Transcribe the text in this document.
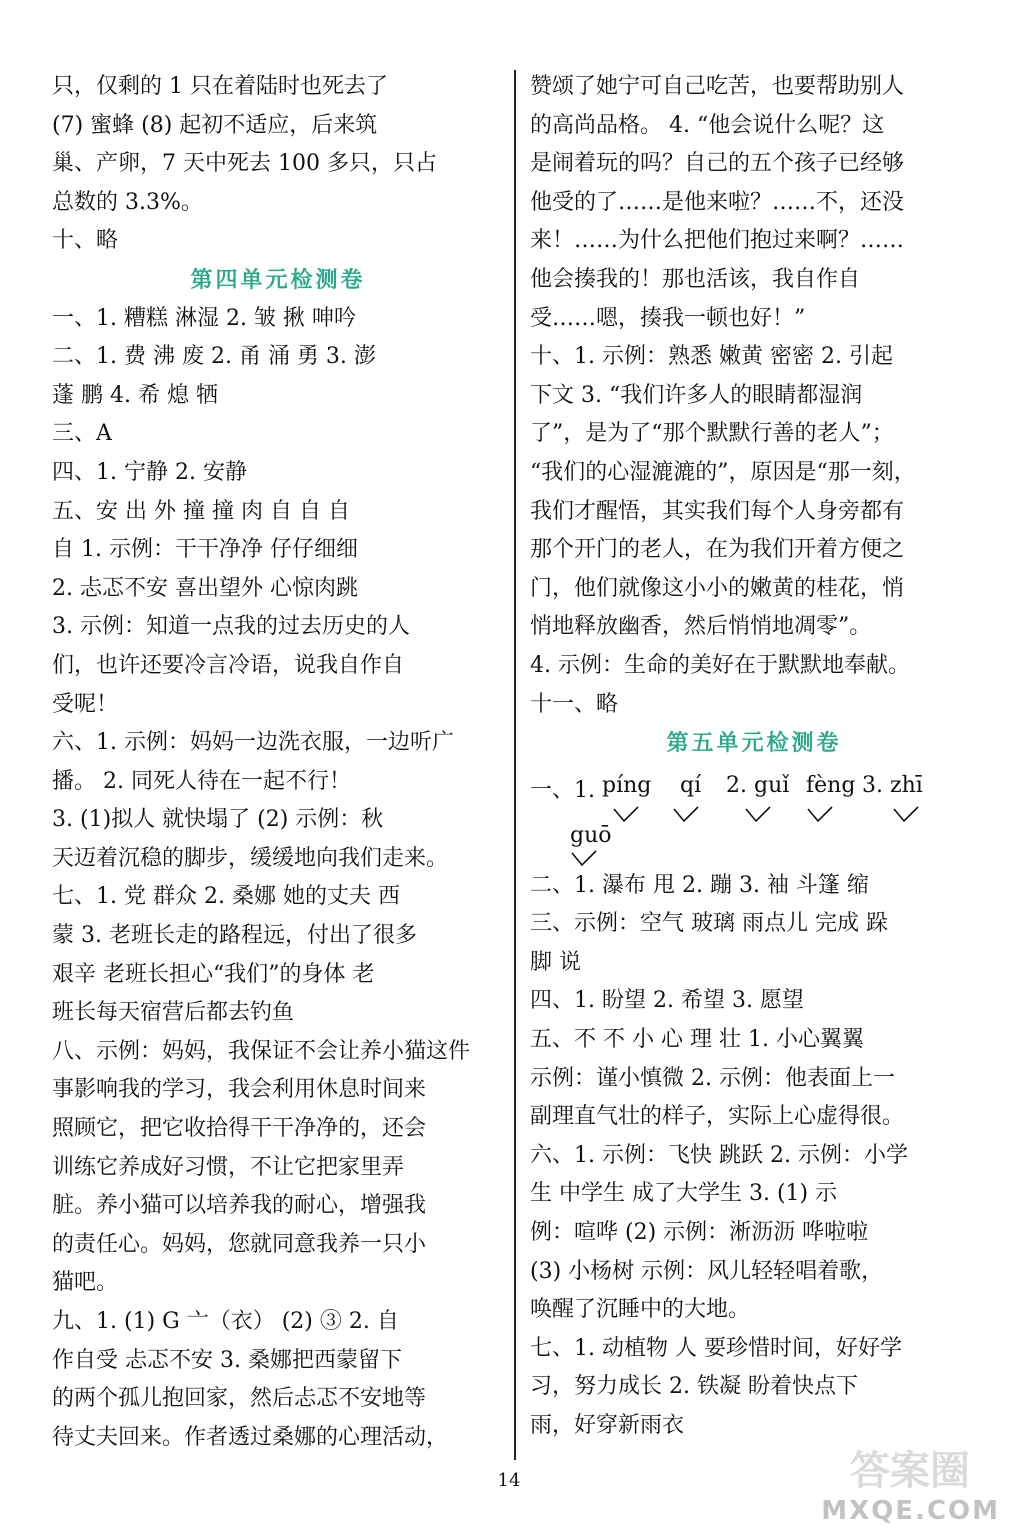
只，仅剩的 1 只在着陆时也死去了
(7) 蜜蜂 (8) 起初不适应，后来筑
巢、产卵，7 天中死去 100 多只，只占
总数的 3.3%。
十、略
第四单元检测卷
一、1. 糟糕 淋湿 2. 皱 揪 呻吟
二、1. 费 沸 废 2. 甬 涌 勇 3. 澎
蓬 鹏 4. 希 熄 牺
三、A
四、1. 宁静 2. 安静
五、安 出 外 撞 撞 肉 自 自 自
自 1. 示例：干干净净 仔仔细细
2. 忐忑不安 喜出望外 心惊肉跳
3. 示例：知道一点我的过去历史的人
们，也许还要冷言冷语，说我自作自
受呢！
六、1. 示例：妈妈一边洗衣服，一边听广
播。 2. 同死人待在一起不行！
3. (1)拟人 就快塌了 (2) 示例：秋
天迈着沉稳的脚步，缓缓地向我们走来。
七、1. 党 群众 2. 桑娜 她的丈夫 西
蒙 3. 老班长走的路程远，付出了很多
艰辛 老班长担心“我们”的身体 老
班长每天宿营后都去钓鱼
八、示例：妈妈，我保证不会让养小猫这件
事影响我的学习，我会利用休息时间来
照顾它，把它收拾得干干净净的，还会
训练它养成好习惯，不让它把家里弄
脏。养小猫可以培养我的耐心，增强我
的责任心。妈妈，您就同意我养一只小
猫吧。
九、1. (1) G 亠（衣） (2) ③ 2. 自
作自受 忐忑不安 3. 桑娜把西蒙留下
的两个孤儿抱回家，然后忐忑不安地等
待丈夫回来。作者透过桑娜的心理活动，
赞颂了她宁可自己吃苦，也要帮助别人
的高尚品格。 4. “他会说什么呢？这
是闹着玩的吗？自己的五个孩子已经够
他受的了……是他来啦？……不，还没
来！……为什么把他们抱过来啊？……
他会揍我的！那也活该，我自作自
受……嗯，揍我一顿也好！”
十、1. 示例：熟悉 嫩黄 密密 2. 引起
下文 3. “我们许多人的眼睛都湿润
了”，是为了“那个默默行善的老人”；
“我们的心湿漉漉的”，原因是“那一刻，
我们才醒悟，其实我们每个人身旁都有
那个开门的老人，在为我们开着方便之
门，他们就像这小小的嫩黄的桂花，悄
悄地释放幽香，然后悄悄地凋零”。
4. 示例：生命的美好在于默默地奉献。
十一、略
第五单元检测卷
一、1. píng qí 2. guǐ fèng 3. zhī
guō
二、1. 瀑布 甩 2. 蹦 3. 袖 斗篷 缩
三、示例：空气 玻璃 雨点儿 完成 跺
脚 说
四、1. 盼望 2. 希望 3. 愿望
五、不 不 小 心 理 壮 1. 小心翼翼
示例：谨小慎微 2. 示例：他表面上一
副理直气壮的样子，实际上心虚得很。
六、1. 示例：飞快 跳跃 2. 示例：小学
生 中学生 成了大学生 3. (1) 示
例：喧哗 (2) 示例：淅沥沥 哗啦啦
(3) 小杨树 示例：风儿轻轻唱着歌，
唤醒了沉睡中的大地。
七、1. 动植物 人 要珍惜时间，好好学
习，努力成长 2. 铁凝 盼着快点下
雨，好穿新雨衣
14	答案圈
MXQE.COM
